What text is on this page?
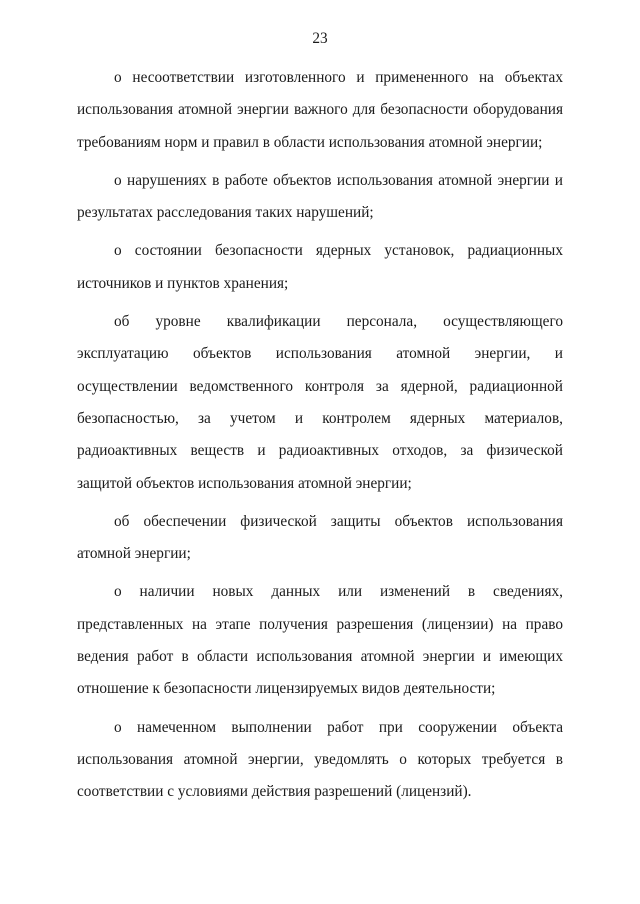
23

о несоответствии изготовленного и примененного на объектах использования атомной энергии важного для безопасности оборудования требованиям норм и правил в области использования атомной энергии;

о нарушениях в работе объектов использования атомной энергии и результатах расследования таких нарушений;

о состоянии безопасности ядерных установок, радиационных источников и пунктов хранения;

об уровне квалификации персонала, осуществляющего эксплуатацию объектов использования атомной энергии, и осуществлении ведомственного контроля за ядерной, радиационной безопасностью, за учетом и контролем ядерных материалов, радиоактивных веществ и радиоактивных отходов, за физической защитой объектов использования атомной энергии;

об обеспечении физической защиты объектов использования атомной энергии;

о наличии новых данных или изменений в сведениях, представленных на этапе получения разрешения (лицензии) на право ведения работ в области использования атомной энергии и имеющих отношение к безопасности лицензируемых видов деятельности;

о намеченном выполнении работ при сооружении объекта использования атомной энергии, уведомлять о которых требуется в соответствии с условиями действия разрешений (лицензий).
